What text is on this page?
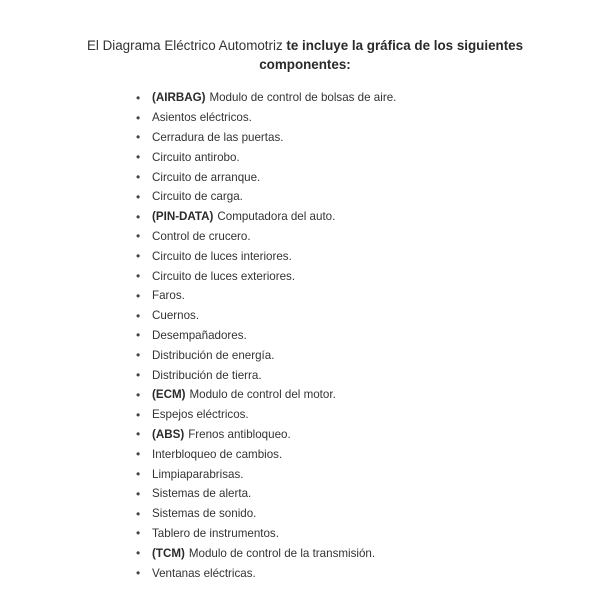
El Diagrama Eléctrico Automotriz te incluye la gráfica de los siguientes
componentes:
•	(AIRBAG) Modulo de control de bolsas de aire.
•	Asientos eléctricos.
•	Cerradura de las puertas.
•	Circuito antirobo.
•	Circuito de arranque.
•	Circuito de carga.
•	(PIN-DATA) Computadora del auto.
•	Control de crucero.
•	Circuito de luces interiores.
•	Circuito de luces exteriores.
•	Faros.
•	Cuernos.
•	Desempañadores.
•	Distribución de energía.
•	Distribución de tierra.
•	(ECM) Modulo de control del motor.
•	Espejos eléctricos.
•	(ABS) Frenos antibloqueo.
•	Interbloqueo de cambios.
•	Limpiaparabrisas.
•	Sistemas de alerta.
•	Sistemas de sonido.
•	Tablero de instrumentos.
•	(TCM) Modulo de control de la transmisión.
•	Ventanas eléctricas.
